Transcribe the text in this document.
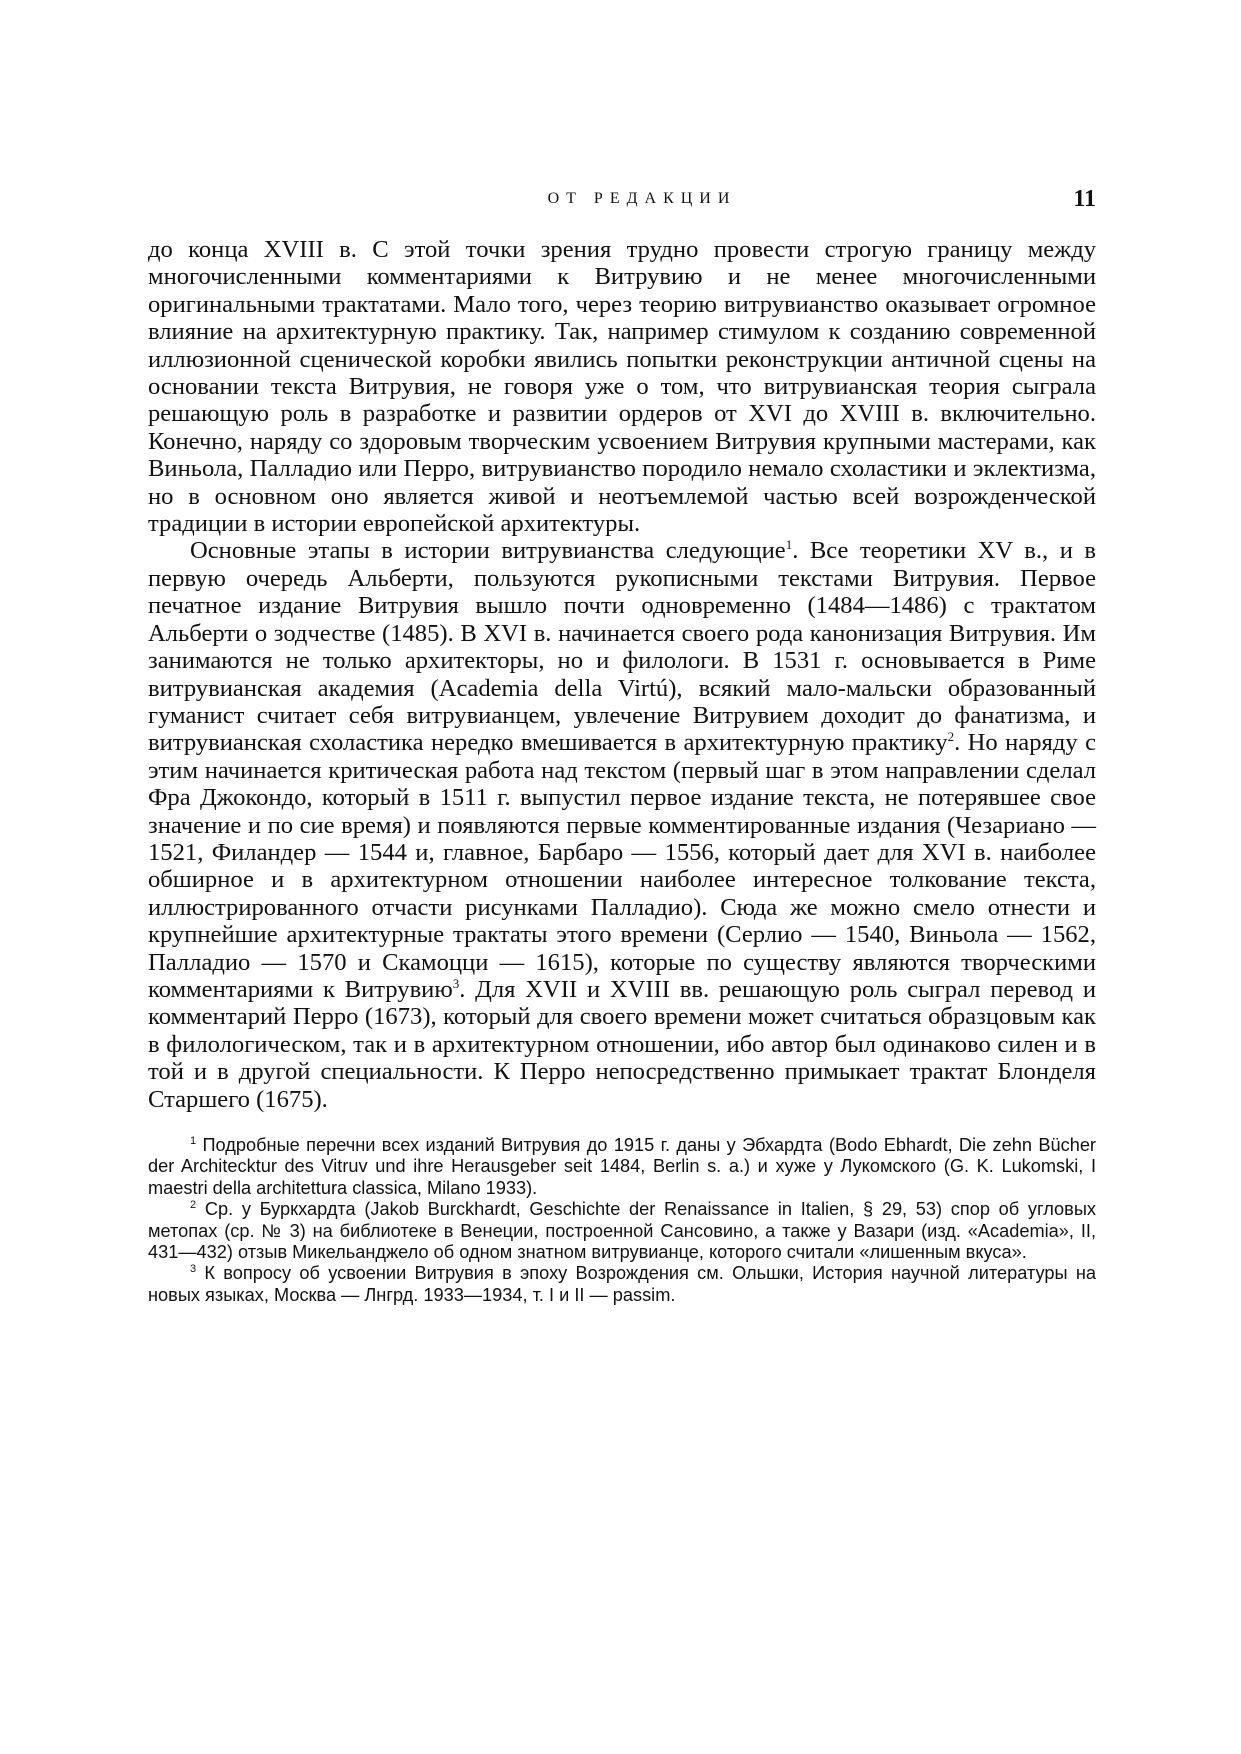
ОТ РЕДАКЦИИ	11

до конца XVIII в. С этой точки зрения трудно провести строгую границу между многочисленными комментариями к Витрувию и не менее многочисленными оригинальными трактатами. Мало того, через теорию витрувианство оказывает огромное влияние на архитектурную практику. Так, например стимулом к созданию современной иллюзионной сценической коробки явились попытки реконструкции античной сцены на основании текста Витрувия, не говоря уже о том, что витрувианская теория сыграла решающую роль в разработке и развитии ордеров от XVI до XVIII в. включительно. Конечно, наряду со здоровым творческим усвоением Витрувия крупными мастерами, как Виньола, Палладио или Перро, витрувианство породило немало схоластики и эклектизма, но в основном оно является живой и неотъемлемой частью всей возрожденческой традиции в истории европейской архитектуры.

Основные этапы в истории витрувианства следующие$^1$. Все теоретики XV в., и в первую очередь Альберти, пользуются рукописными текстами Витрувия. Первое печатное издание Витрувия вышло почти одновременно (1484—1486) с трактатом Альберти о зодчестве (1485). В XVI в. начинается своего рода канонизация Витрувия. Им занимаются не только архитекторы, но и филологи. В 1531 г. основывается в Риме витрувианская академия (Academia della Virtú), всякий мало-мальски образованный гуманист считает себя витрувианцем, увлечение Витрувием доходит до фанатизма, и витрувианская схоластика нередко вмешивается в архитектурную практику$^2$. Но наряду с этим начинается критическая работа над текстом (первый шаг в этом направлении сделал Фра Джокондо, который в 1511 г. выпустил первое издание текста, не потерявшее свое значение и по сие время) и появляются первые комментированные издания (Чезариано — 1521, Филандер — 1544 и, главное, Барбаро — 1556, который дает для XVI в. наиболее обширное и в архитектурном отношении наиболее интересное толкование текста, иллюстрированного отчасти рисунками Палладио). Сюда же можно смело отнести и крупнейшие архитектурные трактаты этого времени (Серлио — 1540, Виньола — 1562, Палладио — 1570 и Скамоцци — 1615), которые по существу являются творческими комментариями к Витрувию$^3$. Для XVII и XVIII вв. решающую роль сыграл перевод и комментарий Перро (1673), который для своего времени может считаться образцовым как в филологическом, так и в архитектурном отношении, ибо автор был одинаково силен и в той и в другой специальности. К Перро непосредственно примыкает трактат Блонделя Старшего (1675).

$^1$ Подробные перечни всех изданий Витрувия до 1915 г. даны у Эбхардта (Bodo Ebhardt, Die zehn Bücher der Architecktur des Vitruv und ihre Herausgeber seit 1484, Berlin s. a.) и хуже у Лукомского (G. K. Lukomski, I maestri della architettura classica, Milano 1933).

$^2$ Ср. у Буркхардта (Jakob Burckhardt, Geschichte der Renaissance in Italien, § 29, 53) спор об угловых метопах (ср. № 3) на библиотеке в Венеции, построенной Сансовино, а также у Вазари (изд. «Academia», II, 431—432) отзыв Микельанджело об одном знатном витрувианце, которого считали «лишенным вкуса».

$^3$ К вопросу об усвоении Витрувия в эпоху Возрождения см. Ольшки, История научной литературы на новых языках, Москва — Лнгрд. 1933—1934, т. I и II — passim.
